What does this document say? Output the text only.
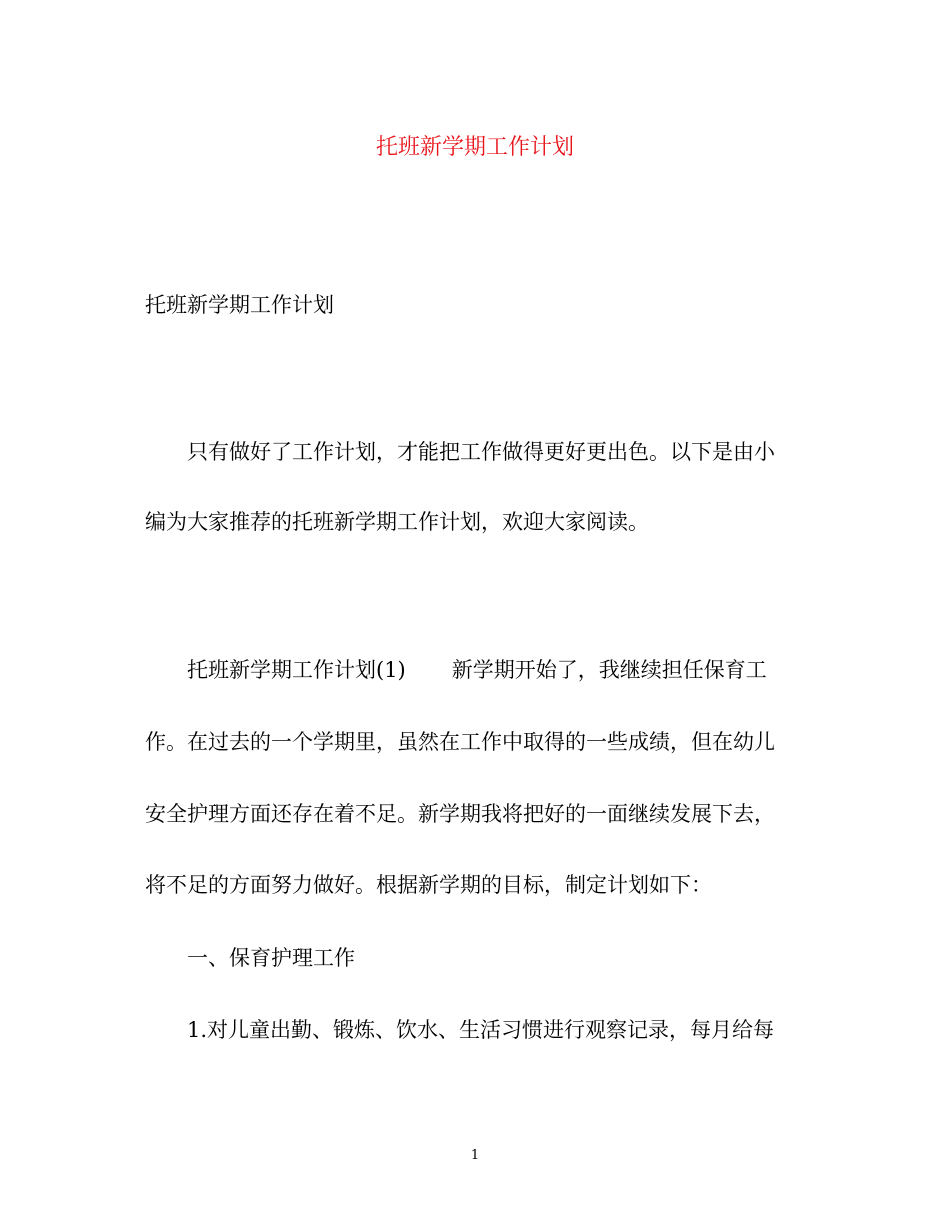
托班新学期工作计划

托班新学期工作计划

只有做好了工作计划，才能把工作做得更好更出色。以下是由小

编为大家推荐的托班新学期工作计划，欢迎大家阅读。

托班新学期工作计划(1) 新学期开始了，我继续担任保育工

作。在过去的一个学期里，虽然在工作中取得的一些成绩，但在幼儿

安全护理方面还存在着不足。新学期我将把好的一面继续发展下去，

将不足的方面努力做好。根据新学期的目标，制定计划如下：

一、保育护理工作

1.对儿童出勤、锻炼、饮水、生活习惯进行观察记录，每月给每

1
